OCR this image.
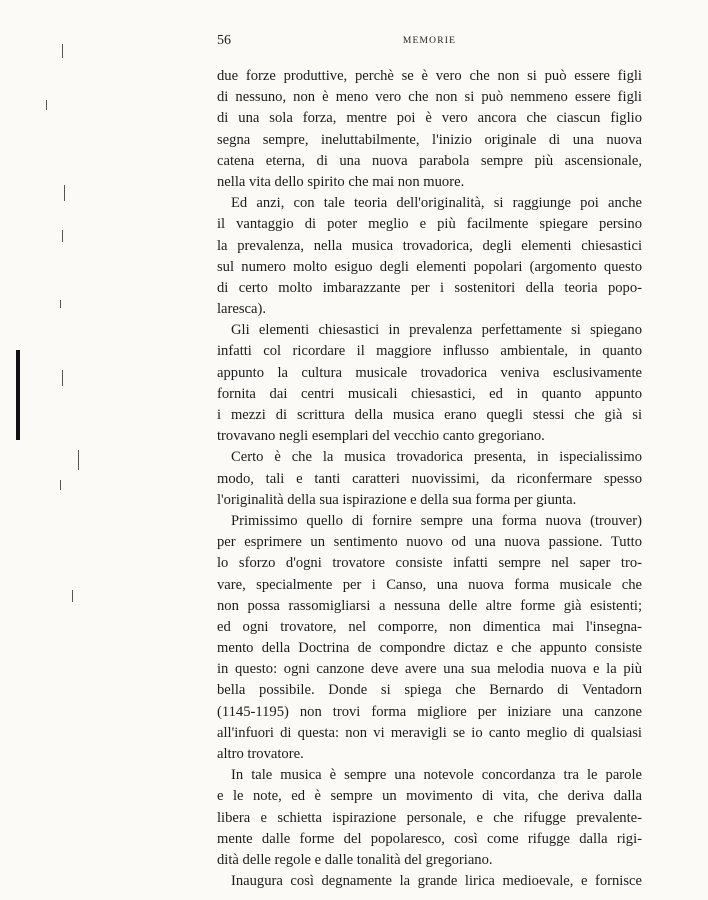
56	MEMORIE
due forze produttive, perchè se è vero che non si può essere figli
di nessuno, non è meno vero che non si può nemmeno essere figli
di una sola forza, mentre poi è vero ancora che ciascun figlio
segna sempre, ineluttabilmente, l'inizio originale di una nuova
catena eterna, di una nuova parabola sempre più ascensionale,
nella vita dello spirito che mai non muore.
Ed anzi, con tale teoria dell'originalità, si raggiunge poi anche
il vantaggio di poter meglio e più facilmente spiegare persino
la prevalenza, nella musica trovadorica, degli elementi chiesastici
sul numero molto esiguo degli elementi popolari (argomento questo
di certo molto imbarazzante per i sostenitori della teoria popo-
laresca).
Gli elementi chiesastici in prevalenza perfettamente si spiegano
infatti col ricordare il maggiore influsso ambientale, in quanto
appunto la cultura musicale trovadorica veniva esclusivamente
fornita dai centri musicali chiesastici, ed in quanto appunto
i mezzi di scrittura della musica erano quegli stessi che già si
trovavano negli esemplari del vecchio canto gregoriano.
Certo è che la musica trovadorica presenta, in ispecialissimo
modo, tali e tanti caratteri nuovissimi, da riconfermare spesso
l'originalità della sua ispirazione e della sua forma per giunta.
Primissimo quello di fornire sempre una forma nuova (trouver)
per esprimere un sentimento nuovo od una nuova passione. Tutto
lo sforzo d'ogni trovatore consiste infatti sempre nel saper tro-
vare, specialmente per i Canso, una nuova forma musicale che
non possa rassomigliarsi a nessuna delle altre forme già esistenti;
ed ogni trovatore, nel comporre, non dimentica mai l'insegna-
mento della Doctrina de compondre dictaz e che appunto consiste
in questo: ogni canzone deve avere una sua melodia nuova e la più
bella possibile. Donde si spiega che Bernardo di Ventadorn
(1145-1195) non trovi forma migliore per iniziare una canzone
all'infuori di questa: non vi meravigli se io canto meglio di qualsiasi
altro trovatore.
In tale musica è sempre una notevole concordanza tra le parole
e le note, ed è sempre un movimento di vita, che deriva dalla
libera e schietta ispirazione personale, e che rifugge prevalente-
mente dalle forme del popolaresco, così come rifugge dalla rigi-
dità delle regole e dalle tonalità del gregoriano.
Inaugura così degnamente la grande lirica medioevale, e fornisce
